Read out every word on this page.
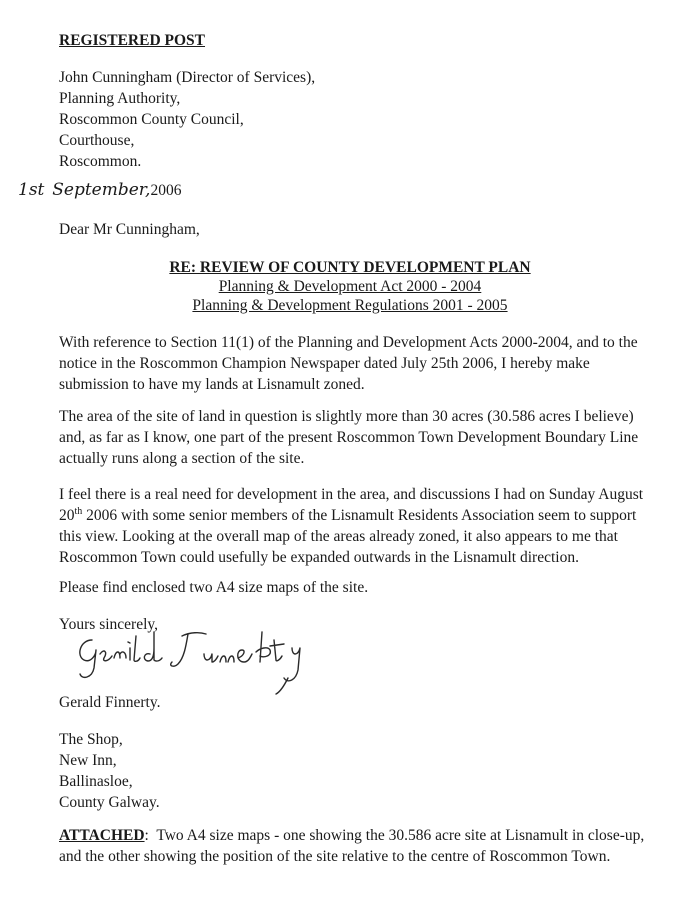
REGISTERED POST
John Cunningham (Director of Services),
Planning Authority,
Roscommon County Council,
Courthouse,
Roscommon.
1st September,2006
Dear Mr Cunningham,
RE: REVIEW OF COUNTY DEVELOPMENT PLAN
Planning & Development Act 2000 - 2004
Planning & Development Regulations 2001 - 2005
With reference to Section 11(1) of the Planning and Development Acts 2000-2004, and to the
notice in the Roscommon Champion Newspaper dated July 25th 2006, I hereby make
submission to have my lands at Lisnamult zoned.
The area of the site of land in question is slightly more than 30 acres (30.586 acres I believe)
and, as far as I know, one part of the present Roscommon Town Development Boundary Line
actually runs along a section of the site.
I feel there is a real need for development in the area, and discussions I had on Sunday August
20th 2006 with some senior members of the Lisnamult Residents Association seem to support
this view. Looking at the overall map of the areas already zoned, it also appears to me that
Roscommon Town could usefully be expanded outwards in the Lisnamult direction.
Please find enclosed two A4 size maps of the site.
Yours sincerely,
Gerald Finnerty.
The Shop,
New Inn,
Ballinasloe,
County Galway.
ATTACHED:  Two A4 size maps - one showing the 30.586 acre site at Lisnamult in close-up,
and the other showing the position of the site relative to the centre of Roscommon Town.
